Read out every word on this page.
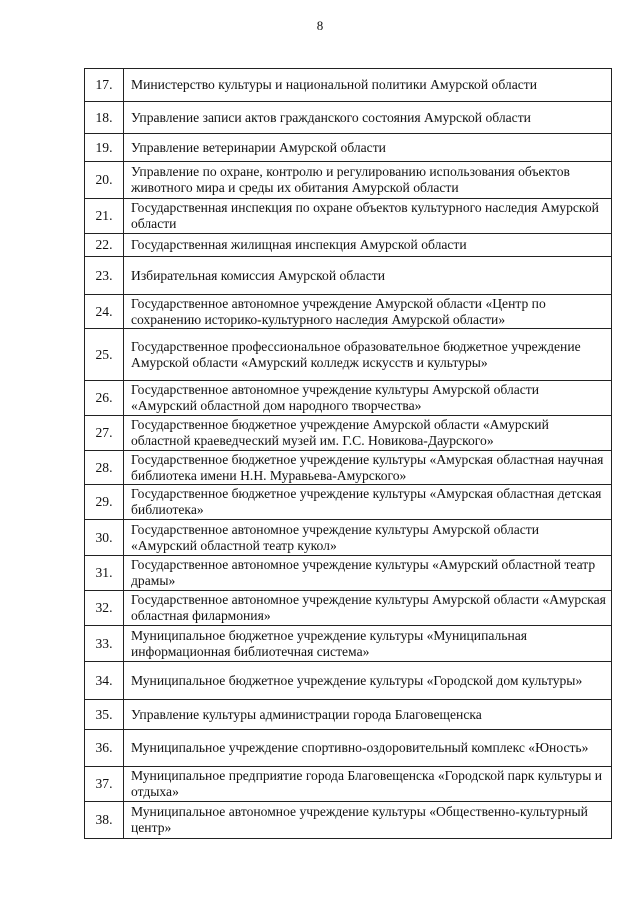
8
17.	Министерство культуры и национальной политики Амурской области
18.	Управление записи актов гражданского состояния Амурской области
19.	Управление ветеринарии Амурской области
20.	Управление по охране, контролю и регулированию использования объектов животного мира и среды их обитания Амурской области
21.	Государственная инспекция по охране объектов культурного наследия Амурской области
22.	Государственная жилищная инспекция Амурской области
23.	Избирательная комиссия Амурской области
24.	Государственное автономное учреждение Амурской области «Центр по сохранению историко-культурного наследия Амурской области»
25.	Государственное профессиональное образовательное бюджетное учреждение Амурской области «Амурский колледж искусств и культуры»
26.	Государственное автономное учреждение культуры Амурской области «Амурский областной дом народного творчества»
27.	Государственное бюджетное учреждение Амурской области «Амурский областной краеведческий музей им. Г.С. Новикова-Даурского»
28.	Государственное бюджетное учреждение культуры «Амурская областная научная библиотека имени Н.Н. Муравьева-Амурского»
29.	Государственное бюджетное учреждение культуры «Амурская областная детская библиотека»
30.	Государственное автономное учреждение культуры Амурской области «Амурский областной театр кукол»
31.	Государственное автономное учреждение культуры «Амурский областной театр драмы»
32.	Государственное автономное учреждение культуры Амурской области «Амурская областная филармония»
33.	Муниципальное бюджетное учреждение культуры «Муниципальная информационная библиотечная система»
34.	Муниципальное бюджетное учреждение культуры «Городской дом культуры»
35.	Управление культуры администрации города Благовещенска
36.	Муниципальное учреждение спортивно-оздоровительный комплекс «Юность»
37.	Муниципальное предприятие города Благовещенска «Городской парк культуры и отдыха»
38.	Муниципальное автономное учреждение культуры «Общественно-культурный центр»
